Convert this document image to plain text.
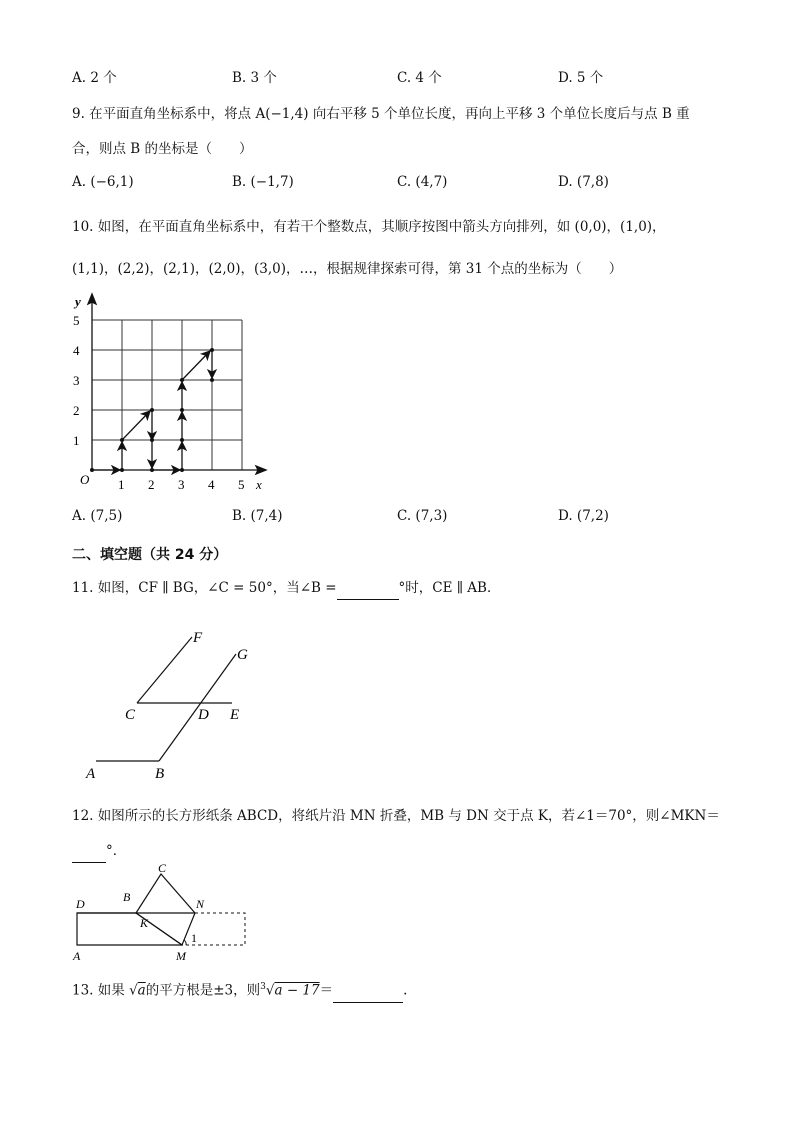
A. 2 个	B. 3 个	C. 4 个	D. 5 个
9. 在平面直角坐标系中，将点 A(−1,4) 向右平移 5 个单位长度，再向上平移 3 个单位长度后与点 B 重
合，则点 B 的坐标是（　　）
A. (−6,1)	B. (−1,7)	C. (4,7)	D. (7,8)
10. 如图，在平面直角坐标系中，有若干个整数点，其顺序按图中箭头方向排列，如 (0,0)，(1,0)，
(1,1)，(2,2)，(2,1)，(2,0)，(3,0)，…，根据规律探索可得，第 31 个点的坐标为（　　）
y
x
O 1 2 3 4 5
1
2
3
4
5
A. (7,5)	B. (7,4)	C. (7,3)	D. (7,2)
二、填空题（共 24 分）
11. 如图，CF ∥ BG，∠C = 50°，当∠B =	°时，CE ∥ AB．
F
G
C	D E
A	B
12. 如图所示的长方形纸条 ABCD，将纸片沿 MN 折叠，MB 与 DN 交于点 K，若∠1＝70°，则∠MKN＝
°．
C
B	N
D
K
1
A	M
13. 如果 √a的平方根是±3，则$^3$√a − 17＝	.
